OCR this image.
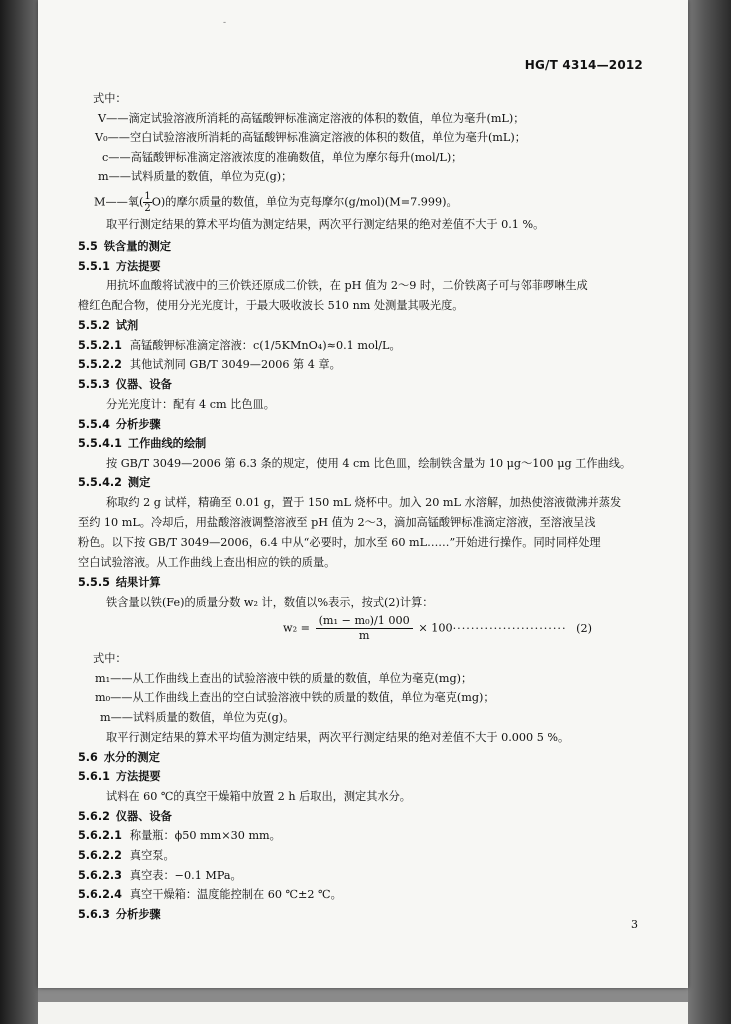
-
HG/T 4314—2012
式中：
V——滴定试验溶液所消耗的高锰酸钾标准滴定溶液的体积的数值，单位为毫升(mL)；
V₀——空白试验溶液所消耗的高锰酸钾标准滴定溶液的体积的数值，单位为毫升(mL)；
c——高锰酸钾标准滴定溶液浓度的准确数值，单位为摩尔每升(mol/L)；
m——试料质量的数值，单位为克(g)；
M——氧( $\frac{1}{2} O$)的摩尔质量的数值，单位为克每摩尔(g/mol)(M=7.999)。
取平行测定结果的算术平均值为测定结果，两次平行测定结果的绝对差值不大于 0.1 %。
5.5 铁含量的测定
5.5.1 方法提要
用抗坏血酸将试液中的三价铁还原成二价铁，在 pH 值为 2～9 时，二价铁离子可与邻菲啰啉生成
橙红色配合物，使用分光光度计，于最大吸收波长 510 nm 处测量其吸光度。
5.5.2 试剂
5.5.2.1 高锰酸钾标准滴定溶液：c(1/5KMnO₄)≈0.1 mol/L。
5.5.2.2 其他试剂同 GB/T 3049—2006 第 4 章。
5.5.3 仪器、设备
分光光度计：配有 4 cm 比色皿。
5.5.4 分析步骤
5.5.4.1 工作曲线的绘制
按 GB/T 3049—2006 第 6.3 条的规定，使用 4 cm 比色皿，绘制铁含量为 10 μg～100 μg 工作曲线。
5.5.4.2 测定
称取约 2 g 试样，精确至 0.01 g，置于 150 mL 烧杯中。加入 20 mL 水溶解，加热使溶液微沸并蒸发
至约 10 mL。冷却后，用盐酸溶液调整溶液至 pH 值为 2～3，滴加高锰酸钾标准滴定溶液，至溶液呈浅
粉色。以下按 GB/T 3049—2006，6.4 中从“必要时，加水至 60 mL……”开始进行操作。同时同样处理
空白试验溶液。从工作曲线上查出相应的铁的质量。
5.5.5 结果计算
铁含量以铁(Fe)的质量分数 w₂ 计，数值以%表示，按式(2)计算：
$w_2 = \frac{\text{(m₁ − m₀)/1 000}}{m} \times 100\cdot\cdot\cdot\cdot\cdot\cdot\cdot\cdot\cdot\cdot\cdot\cdot\cdot\cdot\cdot\cdot\cdot\cdot\cdot\cdot\cdot\cdot\cdot\cdot\cdot (2)$
式中：
m₁——从工作曲线上查出的试验溶液中铁的质量的数值，单位为毫克(mg)；
m₀——从工作曲线上查出的空白试验溶液中铁的质量的数值，单位为毫克(mg)；
m——试料质量的数值，单位为克(g)。
取平行测定结果的算术平均值为测定结果，两次平行测定结果的绝对差值不大于 0.000 5 %。
5.6 水分的测定
5.6.1 方法提要
试料在 60 ℃的真空干燥箱中放置 2 h 后取出，测定其水分。
5.6.2 仪器、设备
5.6.2.1 称量瓶：ϕ50 mm×30 mm。
5.6.2.2 真空泵。
5.6.2.3 真空表：−0.1 MPa。
5.6.2.4 真空干燥箱：温度能控制在 60 ℃±2 ℃。
5.6.3 分析步骤
3
